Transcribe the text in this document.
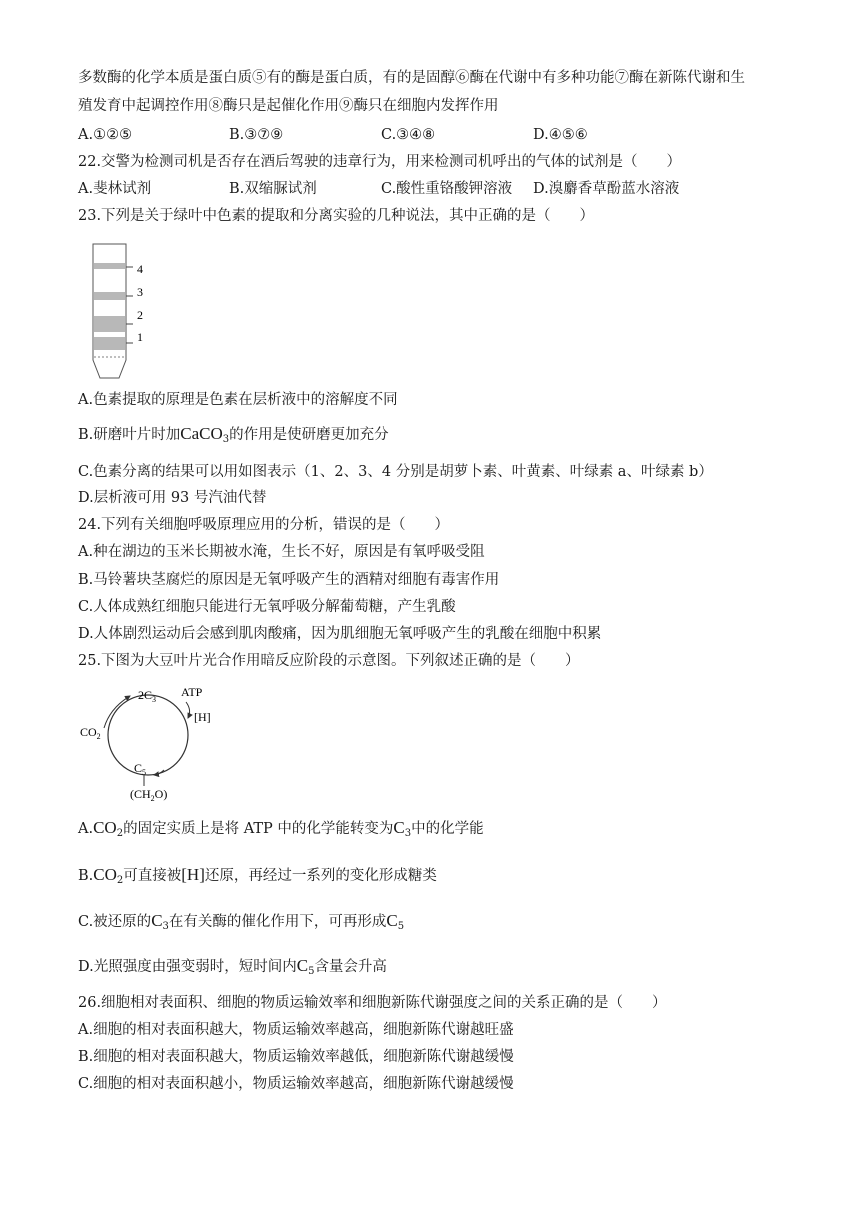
多数酶的化学本质是蛋白质⑤有的酶是蛋白质，有的是固醇⑥酶在代谢中有多种功能⑦酶在新陈代谢和生
殖发育中起调控作用⑧酶只是起催化作用⑨酶只在细胞内发挥作用
A.①②⑤	B.③⑦⑨	C.③④⑧	D.④⑤⑥
22.交警为检测司机是否存在酒后驾驶的违章行为，用来检测司机呼出的气体的试剂是（　　）
A.斐林试剂	B.双缩脲试剂	C.酸性重铬酸钾溶液 D.溴麝香草酚蓝水溶液
23.下列是关于绿叶中色素的提取和分离实验的几种说法，其中正确的是（　　）
4
3
2
1
A.色素提取的原理是色素在层析液中的溶解度不同
B.研磨叶片时加CaCO$_3$的作用是使研磨更加充分
C.色素分离的结果可以用如图表示（1、2、3、4 分别是胡萝卜素、叶黄素、叶绿素 a、叶绿素 b）
D.层析液可用 93 号汽油代替
24.下列有关细胞呼吸原理应用的分析，错误的是（　　）
A.种在湖边的玉米长期被水淹，生长不好，原因是有氧呼吸受阻
B.马铃薯块茎腐烂的原因是无氧呼吸产生的酒精对细胞有毒害作用
C.人体成熟红细胞只能进行无氧呼吸分解葡萄糖，产生乳酸
D.人体剧烈运动后会感到肌肉酸痛，因为肌细胞无氧呼吸产生的乳酸在细胞中积累
25.下图为大豆叶片光合作用暗反应阶段的示意图。下列叙述正确的是（　　）
$2C_3$
ATP
[H]
$CO_2$
$C_5$
$(CH_2O)$
$A.CO_2$的固定实质上是将 ATP 中的化学能转变为$C_3$中的化学能
$B.CO_2$可直接被[H]还原，再经过一系列的变化形成糖类
C.被还原的$C_3$在有关酶的催化作用下，可再形成$C_5$
D.光照强度由强变弱时，短时间内$C_5$含量会升高
26.细胞相对表面积、细胞的物质运输效率和细胞新陈代谢强度之间的关系正确的是（　　）
A.细胞的相对表面积越大，物质运输效率越高，细胞新陈代谢越旺盛
B.细胞的相对表面积越大，物质运输效率越低，细胞新陈代谢越缓慢
C.细胞的相对表面积越小，物质运输效率越高，细胞新陈代谢越缓慢
